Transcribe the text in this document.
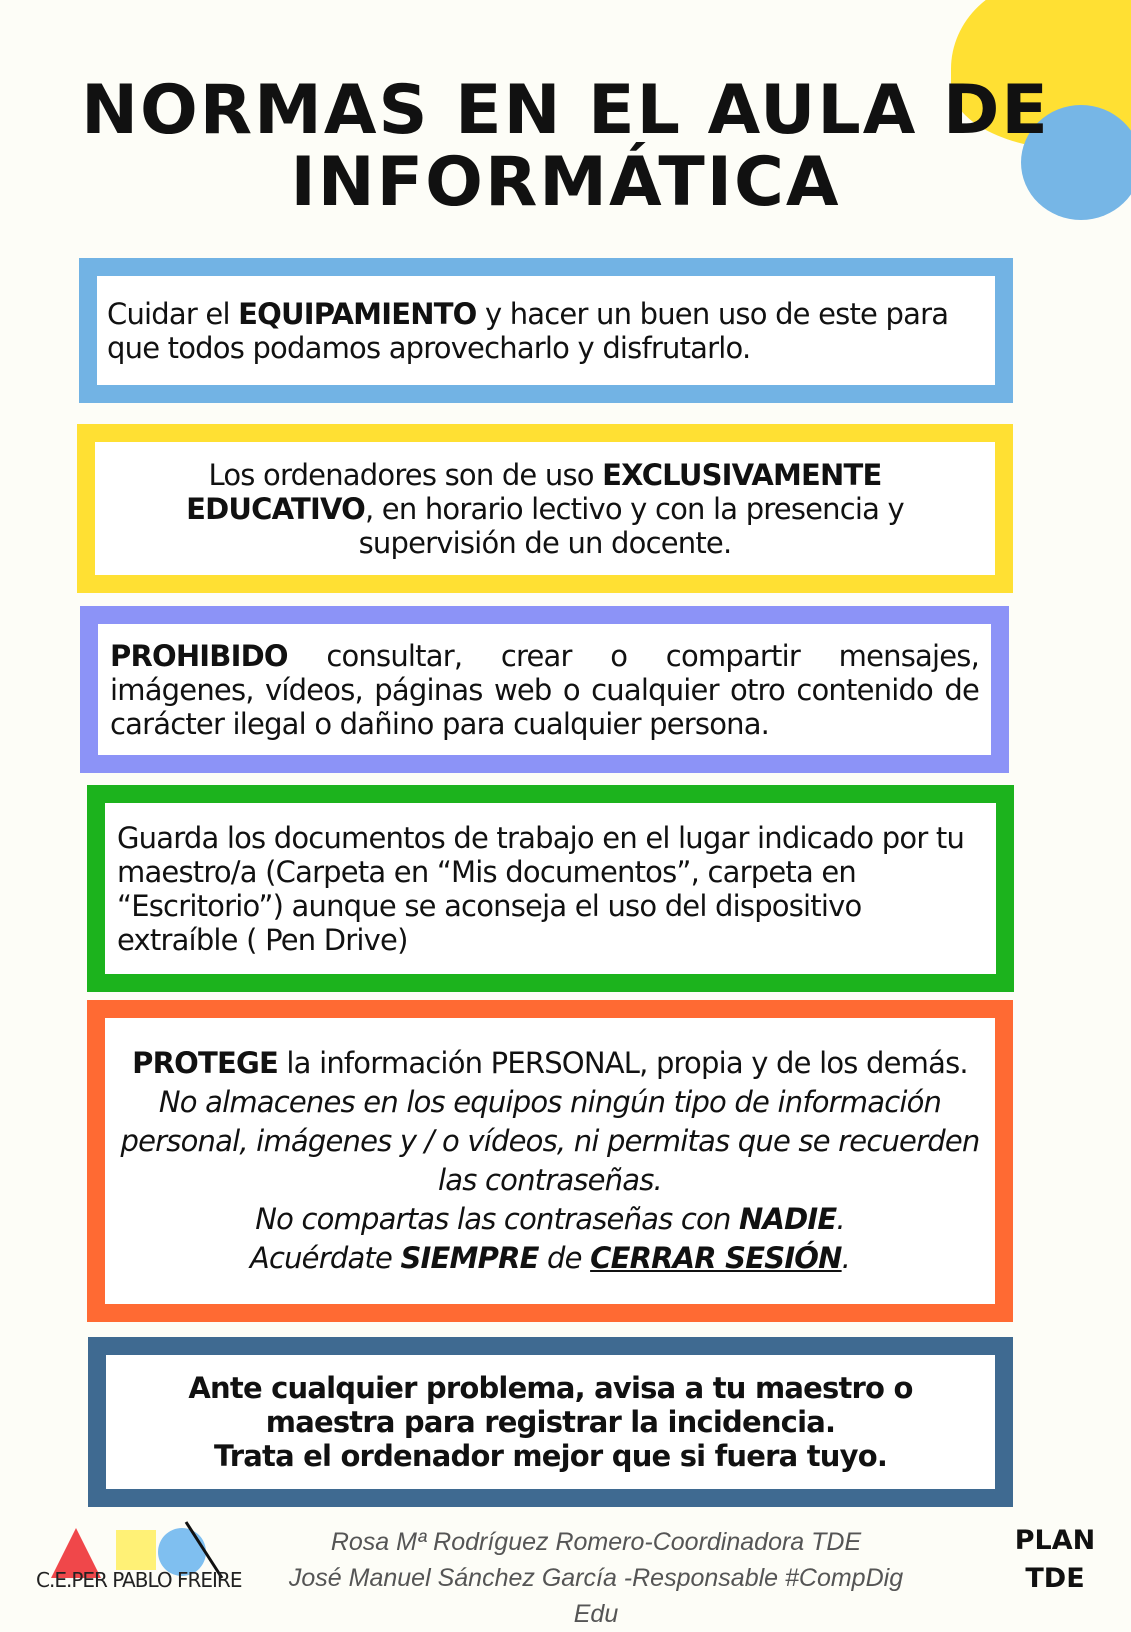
NORMAS EN EL AULA DE
INFORMÁTICA
Cuidar el EQUIPAMIENTO y hacer un buen uso de este para que todos podamos aprovecharlo y disfrutarlo.
Los ordenadores son de uso EXCLUSIVAMENTE EDUCATIVO, en horario lectivo y con la presencia y supervisión de un docente.
PROHIBIDO consultar, crear o compartir mensajes, imágenes, vídeos, páginas web o cualquier otro contenido de carácter ilegal o dañino para cualquier persona.
Guarda los documentos de trabajo en el lugar indicado por tu maestro/a (Carpeta en “Mis documentos”, carpeta en “Escritorio”) aunque se aconseja el uso del dispositivo extraíble ( Pen Drive)
PROTEGE la información PERSONAL, propia y de los demás.
No almacenes en los equipos ningún tipo de información personal, imágenes y / o vídeos, ni permitas que se recuerden las contraseñas.
No compartas las contraseñas con NADIE.
Acuérdate SIEMPRE de CERRAR SESIÓN.
Ante cualquier problema, avisa a tu maestro o maestra para registrar la incidencia.
Trata el ordenador mejor que si fuera tuyo.
C.E.PER PABLO FREIRE
Rosa Mª Rodríguez Romero-Coordinadora TDE
José Manuel Sánchez García -Responsable #CompDig Edu
PLAN
TDE
